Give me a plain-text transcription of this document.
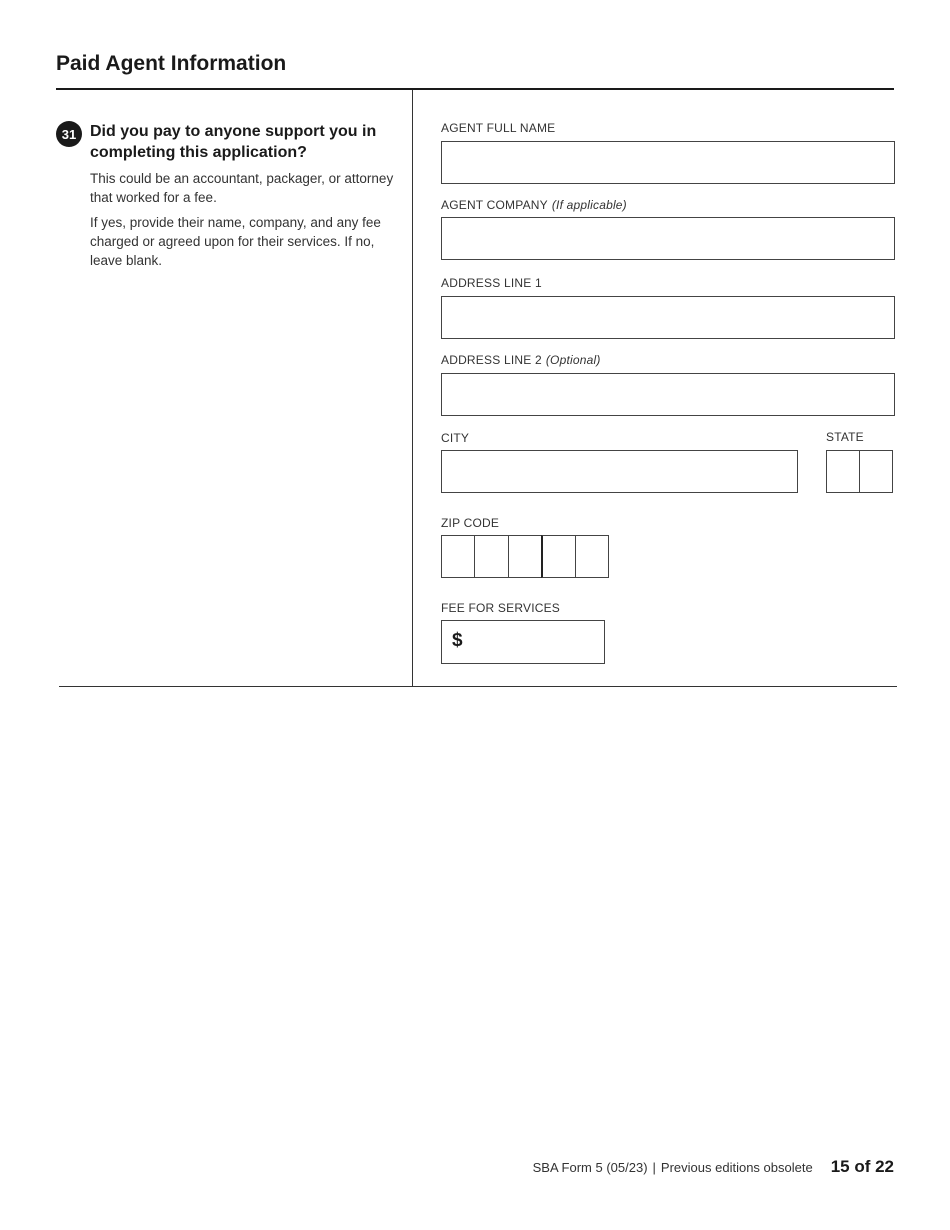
Paid Agent Information
31 Did you pay to anyone support you in completing this application?

This could be an accountant, packager, or attorney that worked for a fee.

If yes, provide their name, company, and any fee charged or agreed upon for their services. If no, leave blank.

AGENT FULL NAME
AGENT COMPANY (If applicable)
ADDRESS LINE 1
ADDRESS LINE 2 (Optional)
CITY	STATE
ZIP CODE
FEE FOR SERVICES
$
SBA Form 5 (05/23) | Previous editions obsolete 15 of 22
